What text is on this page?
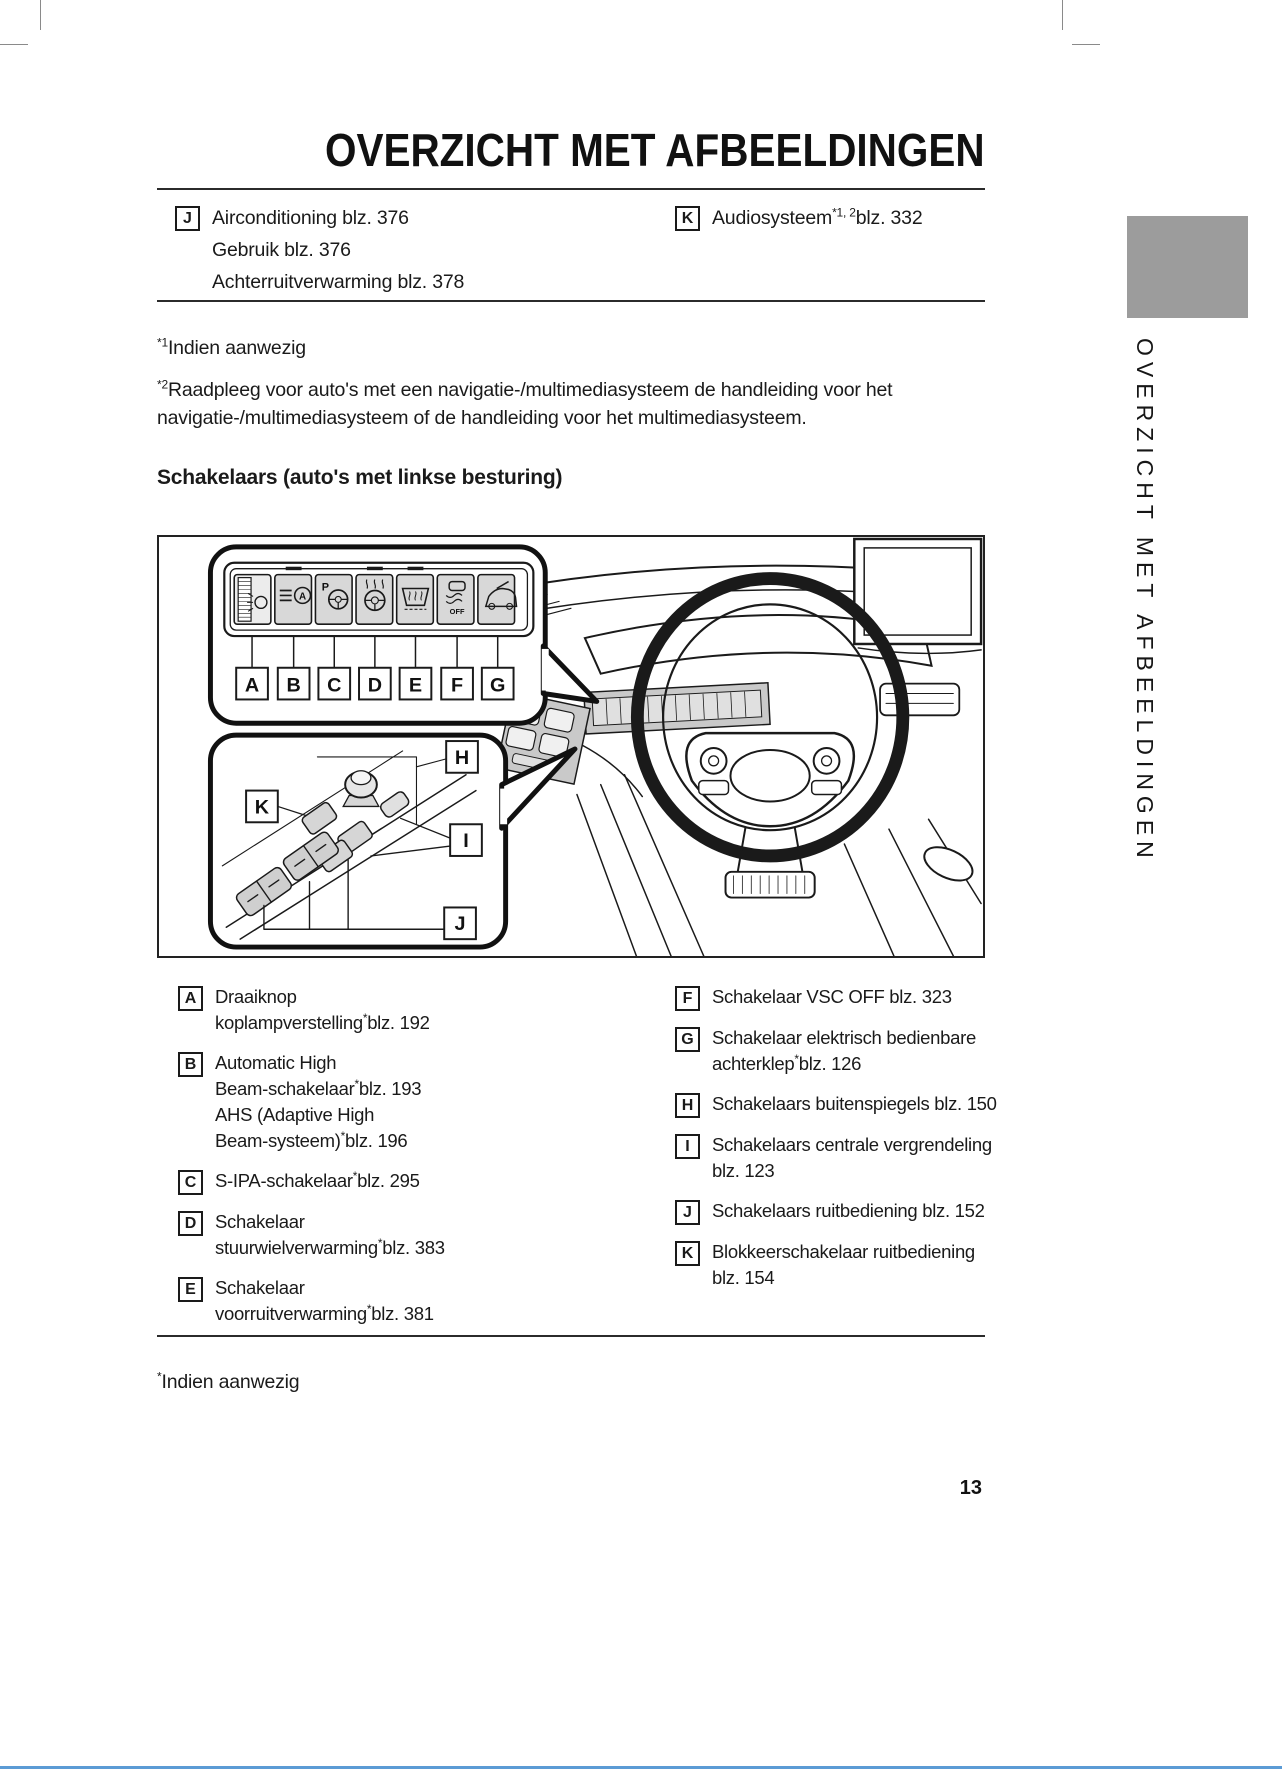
OVERZICHT MET AFBEELDINGEN
J	Airconditioning blz. 376
Gebruik blz. 376
Achterruitverwarming blz. 378
K Audiosysteem$^{*1, 2}$blz. 332
$^{*1}$Indien aanwezig
$^{*2}$Raadpleeg voor auto's met een navigatie-/multimediasysteem de handleiding voor het
navigatie-/multimediasysteem of de handleiding voor het multimediasysteem.
Schakelaars (auto's met linkse besturing)
A B C D E F G
A
P
OFF
H
K
I
J
A	Draaiknop
koplampverstelling*blz. 192
B	Automatic High
Beam-schakelaar*blz. 193
AHS (Adaptive High
Beam-systeem)*blz. 196
C	S-IPA-schakelaar*blz. 295
D	Schakelaar
stuurwielverwarming*blz. 383
E	Schakelaar
voorruitverwarming*blz. 381
F	Schakelaar VSC OFF blz. 323
G Schakelaar elektrisch bedienbare
achterklep*blz. 126
H	Schakelaars buitenspiegels blz. 150
I	Schakelaars centrale vergrendeling
blz. 123
J	Schakelaars ruitbediening blz. 152
K	Blokkeerschakelaar ruitbediening
blz. 154
*Indien aanwezig
13
OVERZICHT MET AFBEELDINGEN
